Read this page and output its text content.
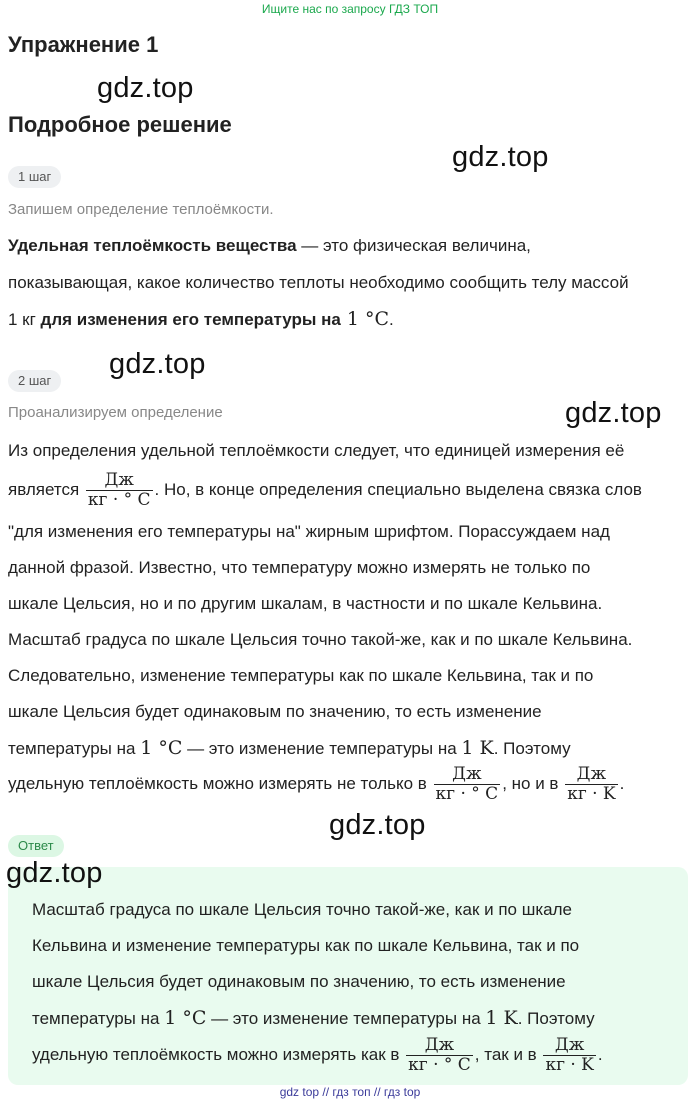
Ищите нас по запросу ГДЗ ТОП
Упражнение 1
gdz.top
Подробное решение
gdz.top
1 шаг
Запишем определение теплоёмкости.
Удельная теплоёмкость вещества — это физическая величина,
показывающая, какое количество теплоты необходимо сообщить телу массой
1 кг для изменения его температуры на 1 °C.
gdz.top
2 шаг
Проанализируем определение	gdz.top
Из определения удельной теплоёмкости следует, что единицей измерения её
является $\frac{Дж}{кг \cdot ^\circ C}$ . Но, в конце определения специально выделена связка слов
"для изменения его температуры на" жирным шрифтом. Порассуждаем над
данной фразой. Известно, что температуру можно измерять не только по
шкале Цельсия, но и по другим шкалам, в частности и по шкале Кельвина.
Масштаб градуса по шкале Цельсия точно такой-же, как и по шкале Кельвина.
Следовательно, изменение температуры как по шкале Кельвина, так и по
шкале Цельсия будет одинаковым по значению, то есть изменение
температуры на 1 °C — это изменение температуры на 1 K. Поэтому
удельную теплоёмкость можно измерять не только в $\frac{Дж}{кг \cdot ^\circ C}$ , но и в $\frac{Дж}{кг \cdot K}$ .
gdz.top
Ответ
gdz.top
Масштаб градуса по шкале Цельсия точно такой-же, как и по шкале
Кельвина и изменение температуры как по шкале Кельвина, так и по
шкале Цельсия будет одинаковым по значению, то есть изменение
температуры на 1 °C — это изменение температуры на 1 K. Поэтому
удельную теплоёмкость можно измерять как в $\frac{Дж}{кг \cdot ^\circ C}$ , так и в $\frac{Дж}{кг \cdot K}$ .
gdz top // гдз топ // гдз top
